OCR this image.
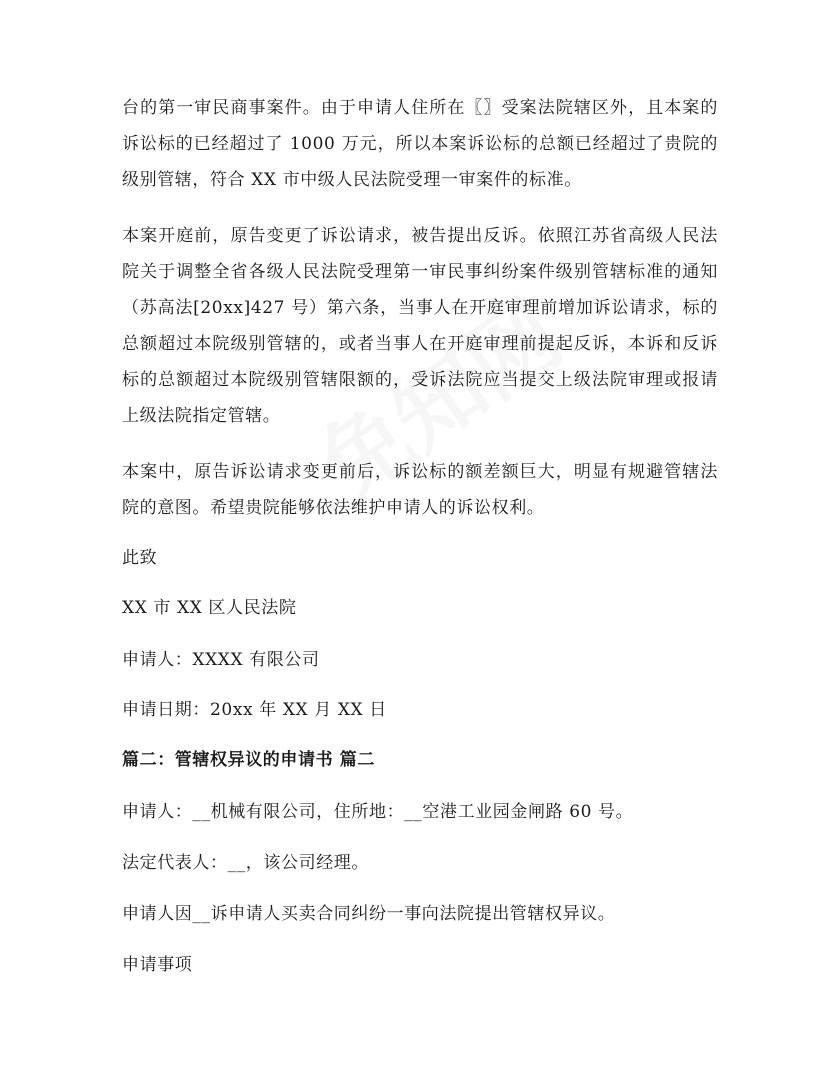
台的第一审民商事案件。由于申请人住所在〖〗受案法院辖区外，且本案的诉讼标的已经超过了 1000 万元，所以本案诉讼标的总额已经超过了贵院的级别管辖，符合 XX 市中级人民法院受理一审案件的标准。

本案开庭前，原告变更了诉讼请求，被告提出反诉。依照江苏省高级人民法院关于调整全省各级人民法院受理第一审民事纠纷案件级别管辖标准的通知（苏高法[20xx]427 号）第六条，当事人在开庭审理前增加诉讼请求，标的总额超过本院级别管辖的，或者当事人在开庭审理前提起反诉，本诉和反诉标的总额超过本院级别管辖限额的，受诉法院应当提交上级法院审理或报请上级法院指定管辖。

本案中，原告诉讼请求变更前后，诉讼标的额差额巨大，明显有规避管辖法院的意图。希望贵院能够依法维护申请人的诉讼权利。

此致

XX 市 XX 区人民法院

申请人：XXXX 有限公司

申请日期：20xx 年 XX 月 XX 日

篇二：管辖权异议的申请书 篇二

申请人：__机械有限公司，住所地：__空港工业园金闸路 60 号。

法定代表人：__，该公司经理。

申请人因__诉申请人买卖合同纠纷一事向法院提出管辖权异议。

申请事项
